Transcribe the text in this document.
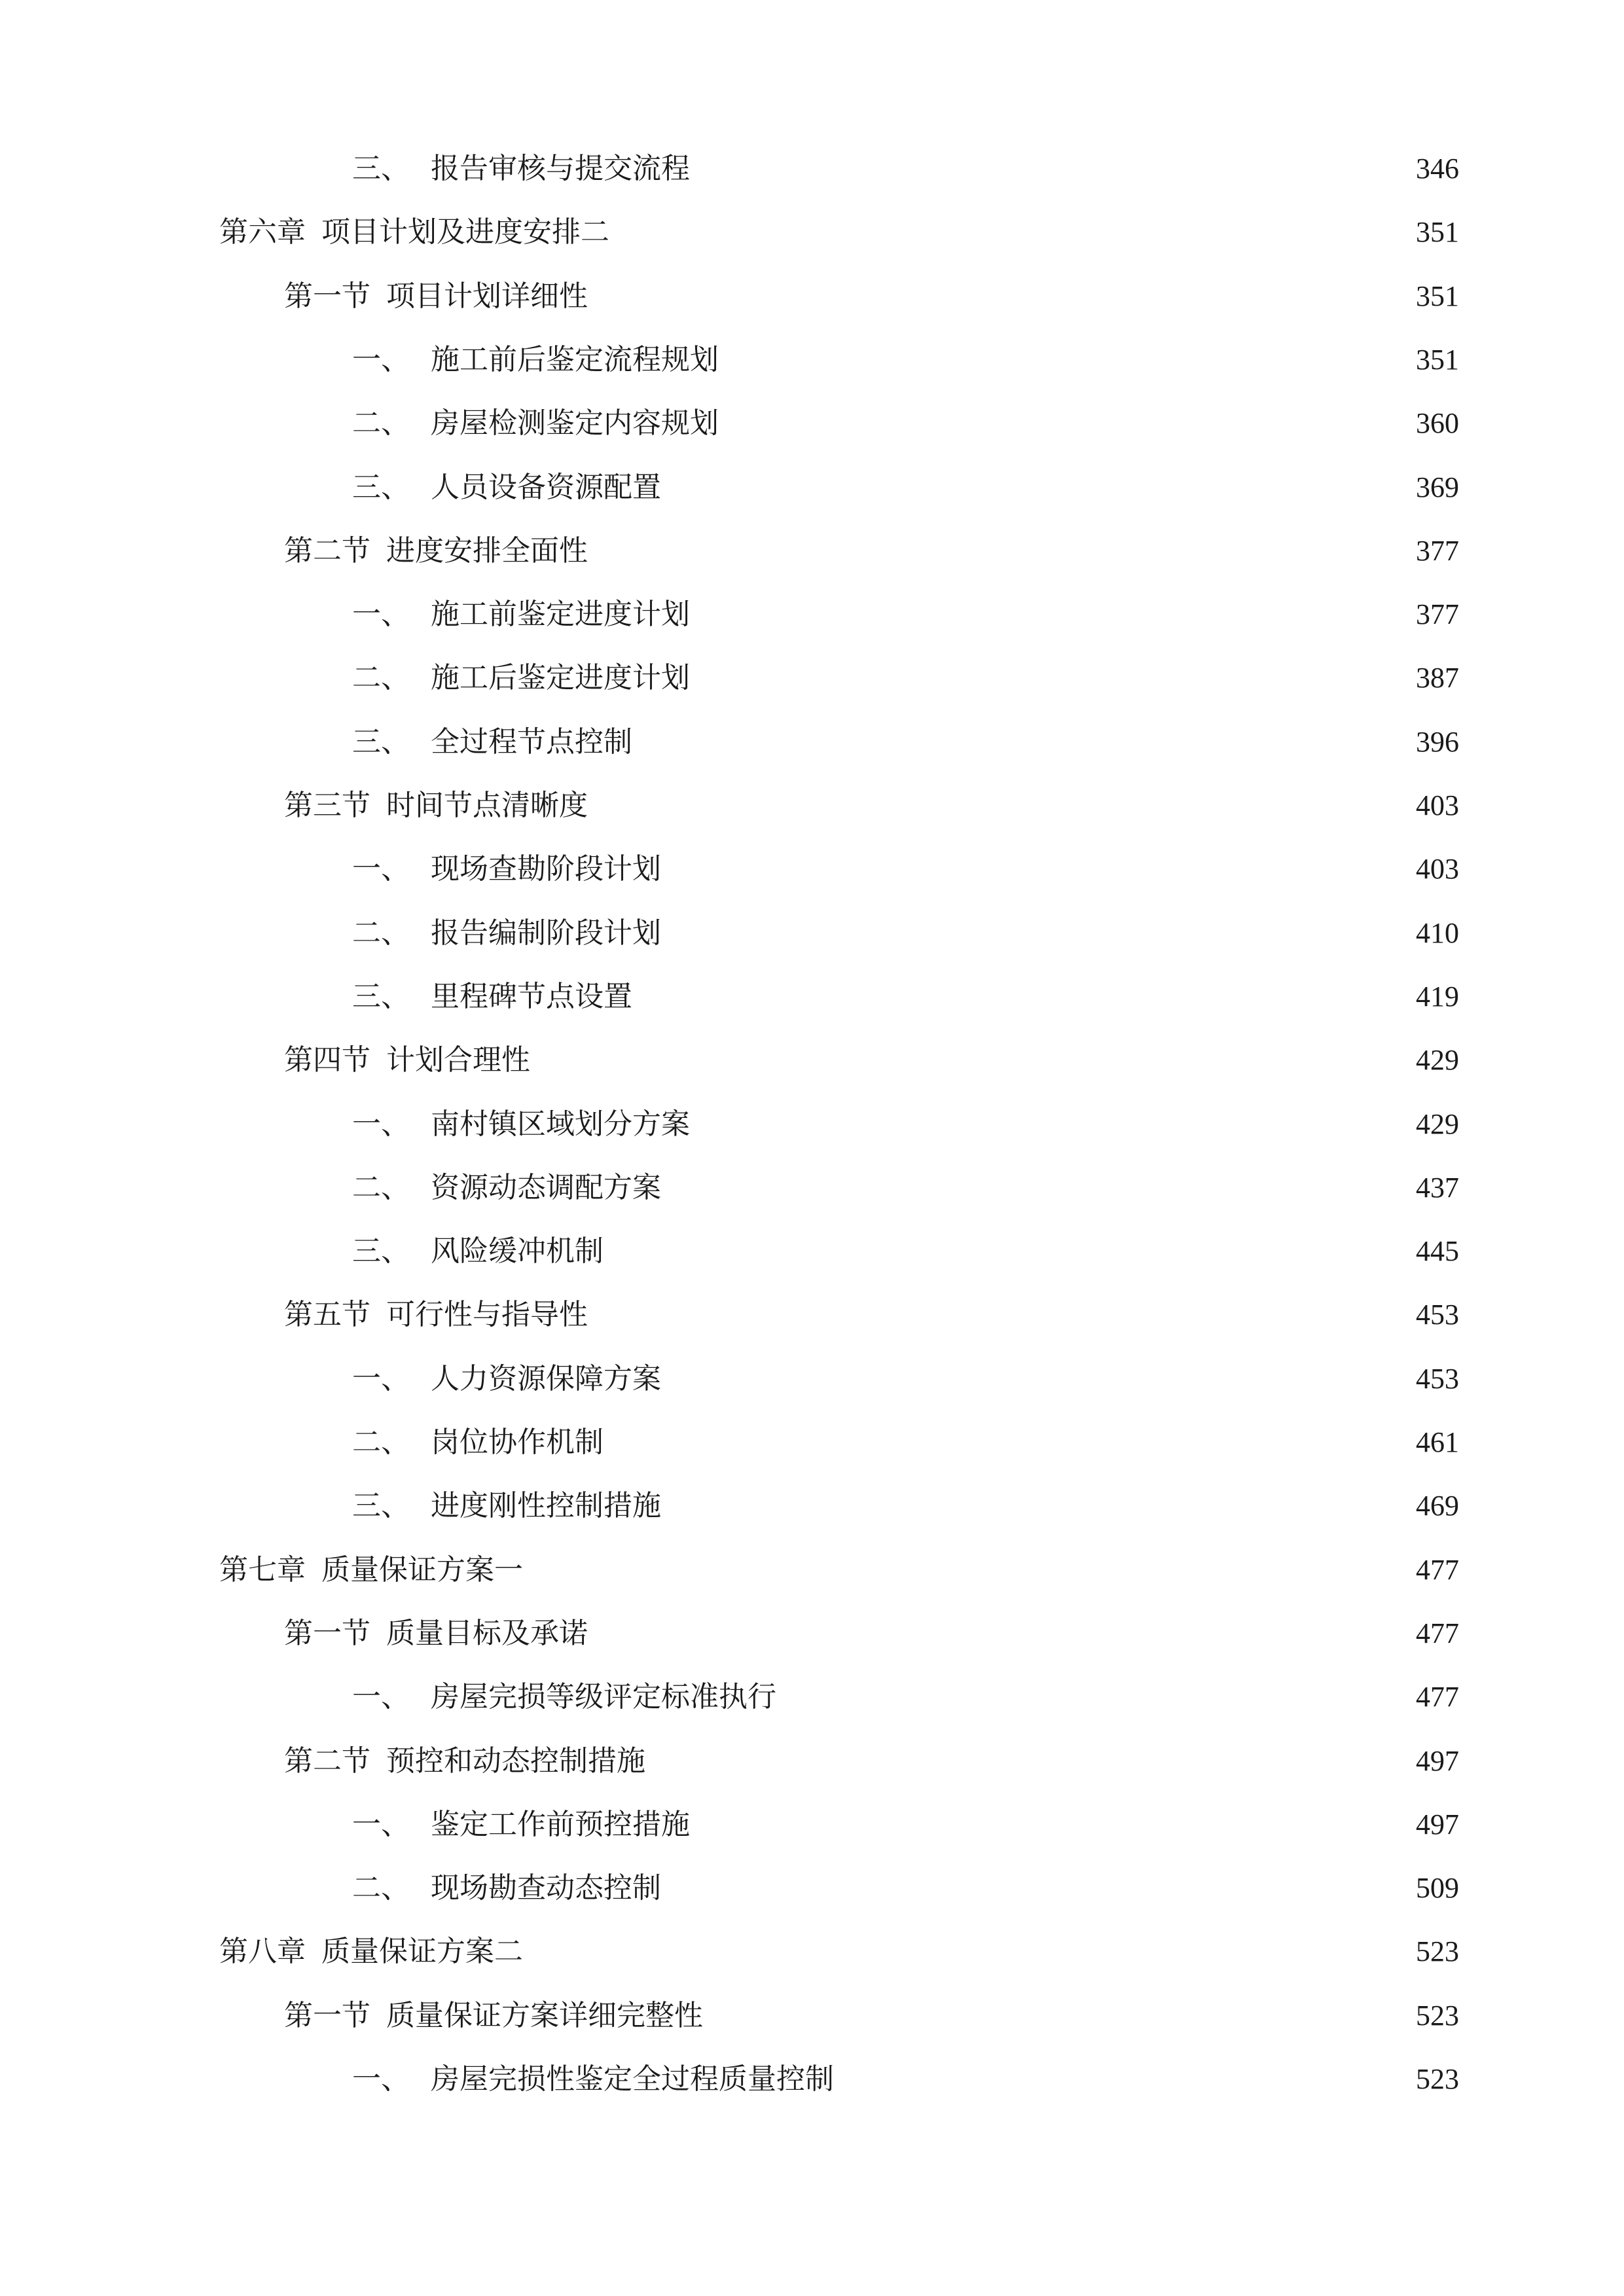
三、 报告审核与提交流程	346
第六章 项目计划及进度安排二	351
第一节 项目计划详细性	351
一、 施工前后鉴定流程规划	351
二、 房屋检测鉴定内容规划	360
三、 人员设备资源配置	369
第二节 进度安排全面性	377
一、 施工前鉴定进度计划	377
二、 施工后鉴定进度计划	387
三、 全过程节点控制	396
第三节 时间节点清晰度	403
一、 现场查勘阶段计划	403
二、 报告编制阶段计划	410
三、 里程碑节点设置	419
第四节 计划合理性	429
一、 南村镇区域划分方案	429
二、 资源动态调配方案	437
三、 风险缓冲机制	445
第五节 可行性与指导性	453
一、 人力资源保障方案	453
二、 岗位协作机制	461
三、 进度刚性控制措施	469
第七章 质量保证方案一	477
第一节 质量目标及承诺	477
一、 房屋完损等级评定标准执行	477
第二节 预控和动态控制措施	497
一、 鉴定工作前预控措施	497
二、 现场勘查动态控制	509
第八章 质量保证方案二	523
第一节 质量保证方案详细完整性	523
一、 房屋完损性鉴定全过程质量控制	523
